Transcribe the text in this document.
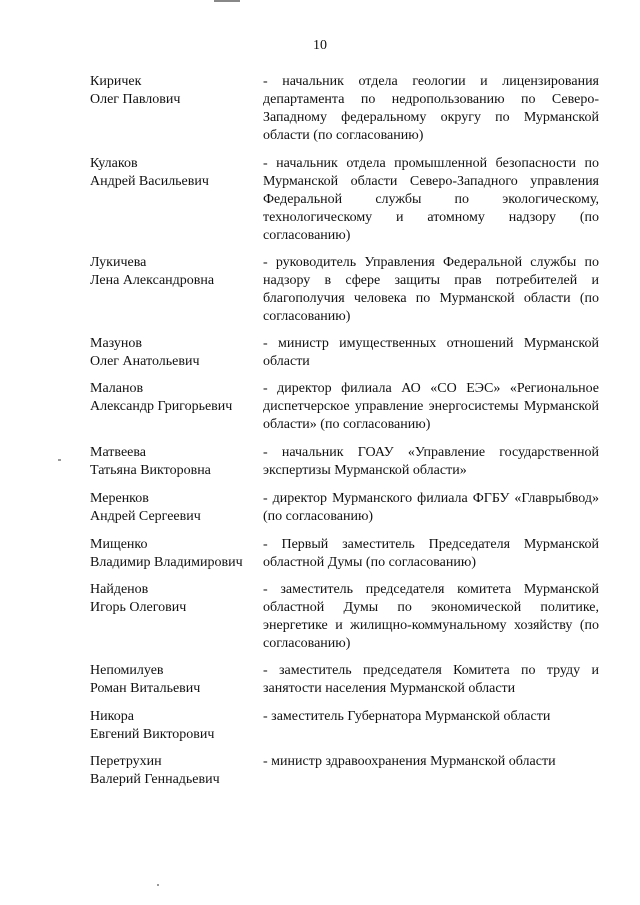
10
Киричек
Олег Павлович
- начальник отдела геологии и лицензирования департамента по недропользованию по Северо-Западному федеральному округу по Мурманской области (по согласованию)
Кулаков
Андрей Васильевич
- начальник отдела промышленной безопасности по Мурманской области Северо-Западного управления Федеральной службы по экологическому, технологическому и атомному надзору (по согласованию)
Лукичева
Лена Александровна
- руководитель Управления Федеральной службы по надзору в сфере защиты прав потребителей и благополучия человека по Мурманской области (по согласованию)
Мазунов
Олег Анатольевич
- министр имущественных отношений Мурманской области
Маланов
Александр Григорьевич
- директор филиала АО «СО ЕЭС» «Региональное диспетчерское управление энергосистемы Мурманской области» (по согласованию)
Матвеева
Татьяна Викторовна
- начальник ГОАУ «Управление государственной экспертизы Мурманской области»
Меренков
Андрей Сергеевич
- директор Мурманского филиала ФГБУ «Главрыбвод» (по согласованию)
Мищенко
Владимир Владимирович
- Первый заместитель Председателя Мурманской областной Думы (по согласованию)
Найденов
Игорь Олегович
- заместитель председателя комитета Мурманской областной Думы по экономической политике, энергетике и жилищно-коммунальному хозяйству (по согласованию)
Непомилуев
Роман Витальевич
- заместитель председателя Комитета по труду и занятости населения Мурманской области
Никора
Евгений Викторович
- заместитель Губернатора Мурманской области
Перетрухин
Валерий Геннадьевич
- министр здравоохранения Мурманской области
